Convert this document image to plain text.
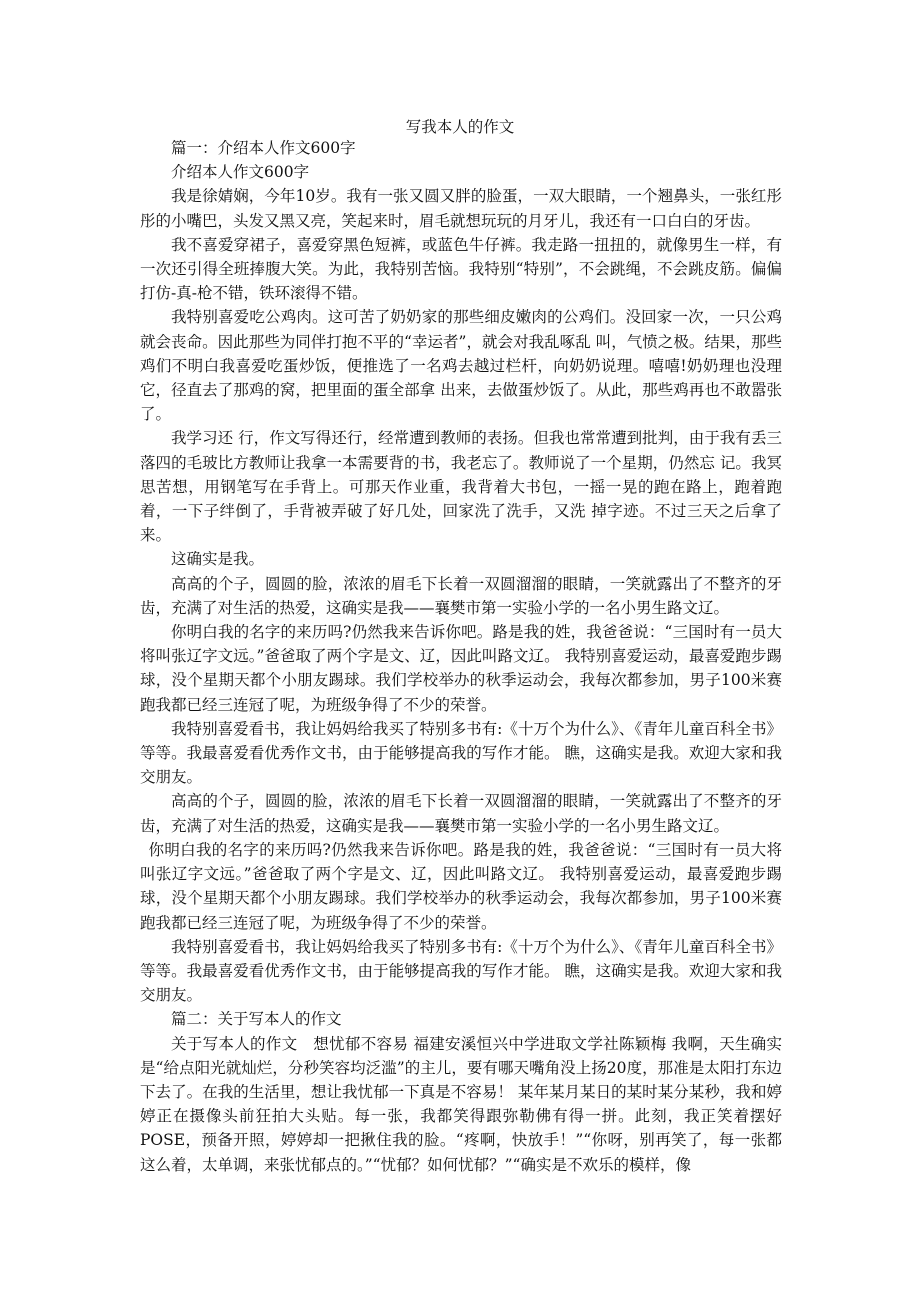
写我本人的作文

篇一：介绍本人作文600字

介绍本人作文600字

我是徐婧娴，今年10岁。我有一张又圆又胖的脸蛋，一双大眼睛，一个翘鼻头，一张红彤彤的小嘴巴，头发又黑又亮，笑起来时，眉毛就想玩玩的月牙儿，我还有一口白白的牙齿。

我不喜爱穿裙子，喜爱穿黑色短裤，或蓝色牛仔裤。我走路一扭扭的，就像男生一样，有一次还引得全班捧腹大笑。为此，我特别苦恼。我特别“特别”，不会跳绳，不会跳皮筋。偏偏打仿-真-枪不错，铁环滚得不错。

我特别喜爱吃公鸡肉。这可苦了奶奶家的那些细皮嫩肉的公鸡们。没回家一次，一只公鸡就会丧命。因此那些为同伴打抱不平的“幸运者”，就会对我乱啄乱 叫，气愤之极。结果，那些鸡们不明白我喜爱吃蛋炒饭，便推选了一名鸡去越过栏杆，向奶奶说理。嘻嘻!奶奶理也没理它，径直去了那鸡的窝，把里面的蛋全部拿 出来，去做蛋炒饭了。从此，那些鸡再也不敢嚣张了。

我学习还 行，作文写得还行，经常遭到教师的表扬。但我也常常遭到批判，由于我有丢三落四的毛玻比方教师让我拿一本需要背的书，我老忘了。教师说了一个星期，仍然忘 记。我冥思苦想，用钢笔写在手背上。可那天作业重，我背着大书包，一摇一晃的跑在路上，跑着跑着，一下子绊倒了，手背被弄破了好几处，回家洗了洗手，又洗 掉字迹。不过三天之后拿了来。

这确实是我。

高高的个子，圆圆的脸，浓浓的眉毛下长着一双圆溜溜的眼睛，一笑就露出了不整齐的牙齿，充满了对生活的热爱，这确实是我——襄樊市第一实验小学的一名小男生路文辽。

你明白我的名字的来历吗?仍然我来告诉你吧。路是我的姓，我爸爸说：“三国时有一员大将叫张辽字文远。”爸爸取了两个字是文、辽，因此叫路文辽。 我特别喜爱运动，最喜爱跑步踢球，没个星期天都个小朋友踢球。我们学校举办的秋季运动会，我每次都参加，男子100米赛跑我都已经三连冠了呢，为班级争得了不少的荣誉。

我特别喜爱看书，我让妈妈给我买了特别多书有:《十万个为什么》、《青年儿童百科全书》等等。我最喜爱看优秀作文书，由于能够提高我的写作才能。 瞧，这确实是我。欢迎大家和我交朋友。

高高的个子，圆圆的脸，浓浓的眉毛下长着一双圆溜溜的眼睛，一笑就露出了不整齐的牙齿，充满了对生活的热爱，这确实是我——襄樊市第一实验小学的一名小男生路文辽。

你明白我的名字的来历吗?仍然我来告诉你吧。路是我的姓，我爸爸说：“三国时有一员大将叫张辽字文远。”爸爸取了两个字是文、辽，因此叫路文辽。 我特别喜爱运动，最喜爱跑步踢球，没个星期天都个小朋友踢球。我们学校举办的秋季运动会，我每次都参加，男子100米赛跑我都已经三连冠了呢，为班级争得了不少的荣誉。

我特别喜爱看书，我让妈妈给我买了特别多书有:《十万个为什么》、《青年儿童百科全书》等等。我最喜爱看优秀作文书，由于能够提高我的写作才能。 瞧，这确实是我。欢迎大家和我交朋友。

篇二：关于写本人的作文

关于写本人的作文　想忧郁不容易 福建安溪恒兴中学进取文学社陈颖梅 我啊，天生确实是“给点阳光就灿烂，分秒笑容均泛滥”的主儿，要有哪天嘴角没上扬20度，那准是太阳打东边下去了。在我的生活里，想让我忧郁一下真是不容易！ 某年某月某日的某时某分某秒，我和婷婷正在摄像头前狂拍大头贴。每一张，我都笑得跟弥勒佛有得一拼。此刻，我正笑着摆好POSE，预备开照，婷婷却一把揪住我的脸。“疼啊，快放手！”“你呀，别再笑了，每一张都这么着，太单调，来张忧郁点的。”“忧郁？如何忧郁？”“确实是不欢乐的模样，像
